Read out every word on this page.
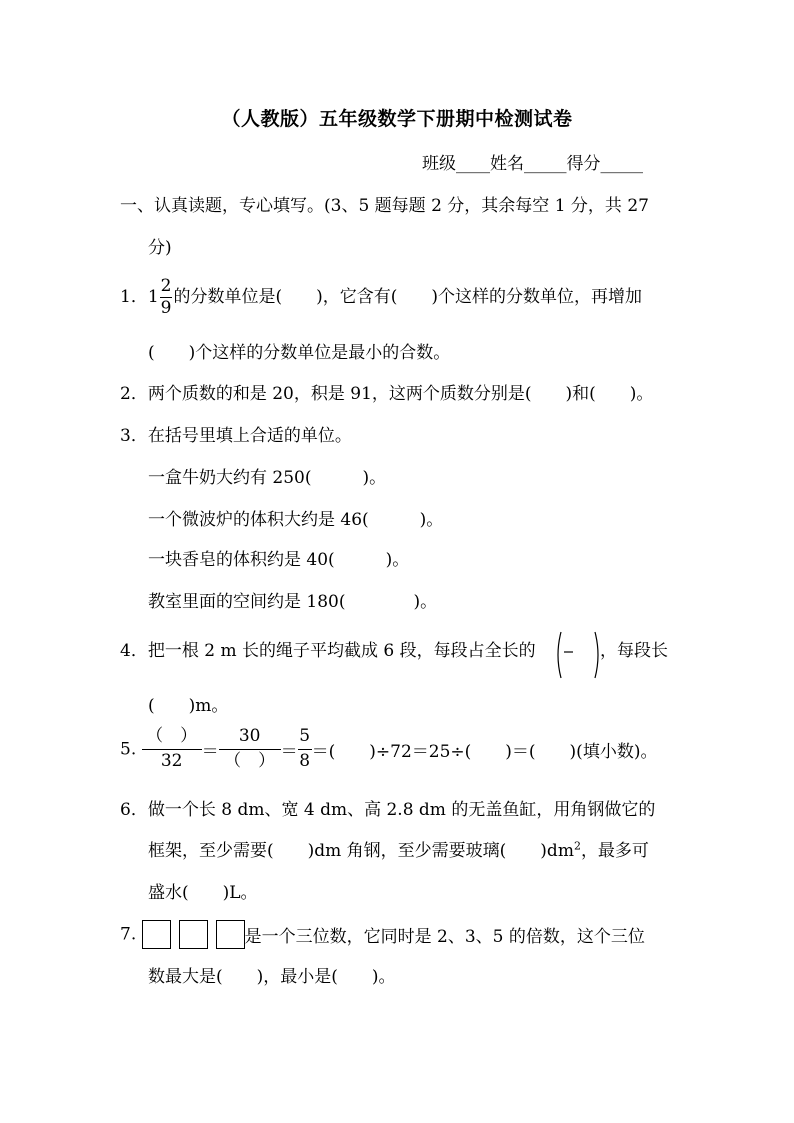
（人教版）五年级数学下册期中检测试卷
班级____姓名_____得分_____
一、认真读题，专心填写。(3、5 题每题 2 分，其余每空 1 分，共 27
分)
1．$1 \frac{2}{9}$ 的分数单位是(　　)，它含有(　　)个这样的分数单位，再增加
(　　)个这样的分数单位是最小的合数。
2．两个质数的和是 20，积是 91，这两个质数分别是(　　)和(　　)。
3．在括号里填上合适的单位。
一盒牛奶大约有 250(　　　)。
一个微波炉的体积大约是 46(　　　)。
一块香皂的体积约是 40(　　　)。
教室里面的空间约是 180(　　　　)。
4．把一根 2 m 长的绳子平均截成 6 段，每段占全长的	，每段长
(　　)m。
5. $\frac{( )}{32} = \frac{30}{( )} = \frac{5}{8}$ ＝(　　)÷72＝25÷(　　)＝(　　)(填小数)。
6．做一个长 8 dm、宽 4 dm、高 2.8 dm 的无盖鱼缸，用角钢做它的
框架，至少需要(　　)dm 角钢，至少需要玻璃(　　)$dm^2$，最多可
盛水(　　)L。
7.	是一个三位数，它同时是 2、3、5 的倍数，这个三位
数最大是(　　)，最小是(　　)。
